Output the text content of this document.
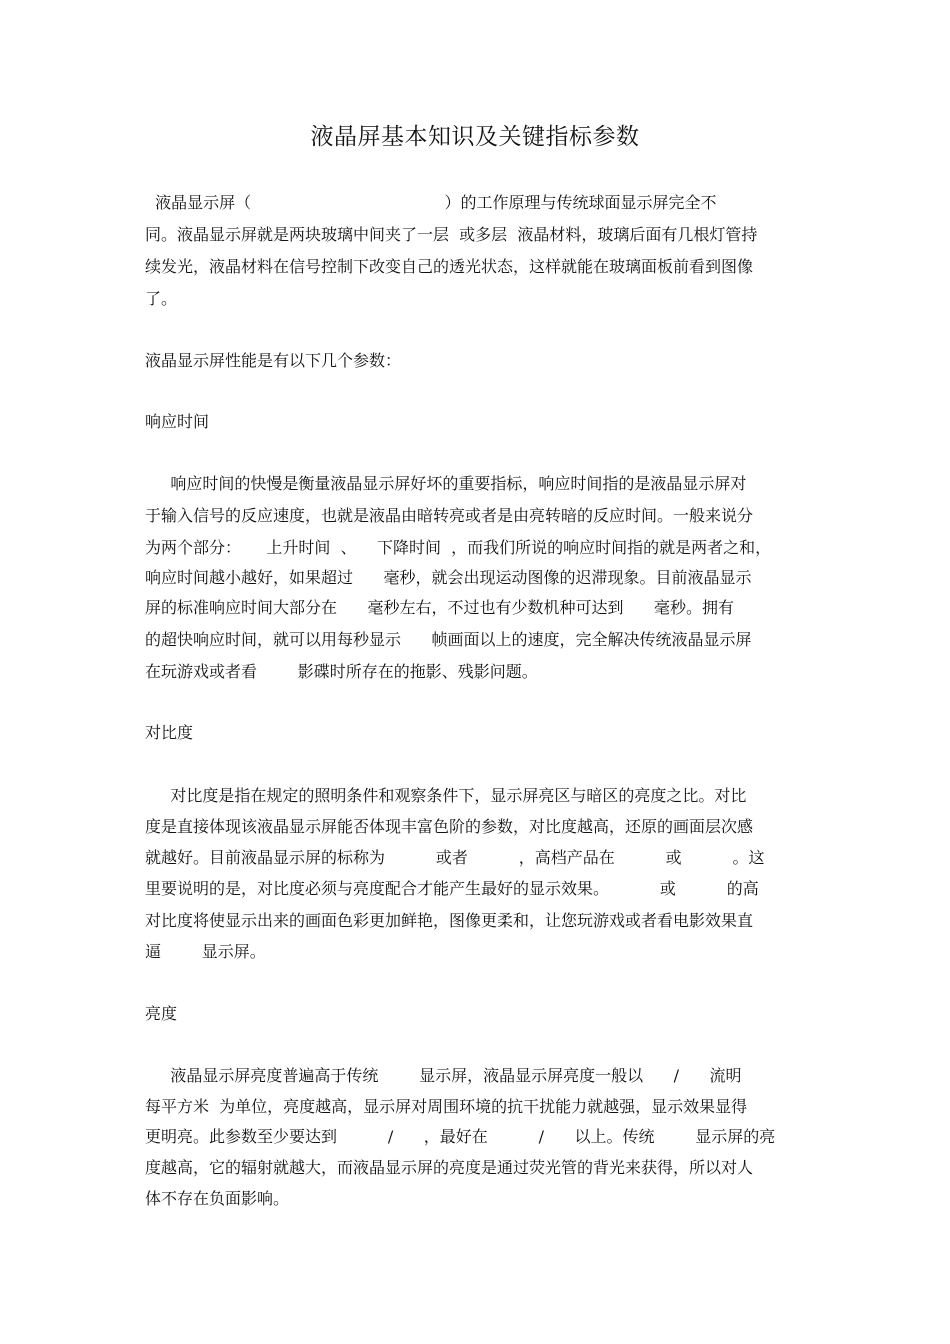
液晶屏基本知识及关键指标参数
液晶显示屏（                                      ）的工作原理与传统球面显示屏完全不
同。液晶显示屏就是两块玻璃中间夹了一层  或多层  液晶材料，玻璃后面有几根灯管持
续发光，液晶材料在信号控制下改变自己的透光状态，这样就能在玻璃面板前看到图像
了。
液晶显示屏性能是有以下几个参数：
响应时间
响应时间的快慢是衡量液晶显示屏好坏的重要指标，响应时间指的是液晶显示屏对
于输入信号的反应速度，也就是液晶由暗转亮或者是由亮转暗的反应时间。一般来说分
为两个部分：     上升时间  、    下降时间  ，而我们所说的响应时间指的就是两者之和，
响应时间越小越好，如果超过      毫秒，就会出现运动图像的迟滞现象。目前液晶显示
屏的标准响应时间大部分在      毫秒左右，不过也有少数机种可达到      毫秒。拥有
的超快响应时间，就可以用每秒显示      帧画面以上的速度，完全解决传统液晶显示屏
在玩游戏或者看        影碟时所存在的拖影、残影问题。
对比度
对比度是指在规定的照明条件和观察条件下，显示屏亮区与暗区的亮度之比。对比
度是直接体现该液晶显示屏能否体现丰富色阶的参数，对比度越高，还原的画面层次感
就越好。目前液晶显示屏的标称为          或者          ，高档产品在          或          。这
里要说明的是，对比度必须与亮度配合才能产生最好的显示效果。          或          的高
对比度将使显示出来的画面色彩更加鲜艳，图像更柔和，让您玩游戏或者看电影效果直
逼        显示屏。
亮度
液晶显示屏亮度普遍高于传统        显示屏，液晶显示屏亮度一般以      /      流明
每平方米  为单位，亮度越高，显示屏对周围环境的抗干扰能力就越强，显示效果显得
更明亮。此参数至少要达到          /      ，最好在          /      以上。传统        显示屏的亮
度越高，它的辐射就越大，而液晶显示屏的亮度是通过荧光管的背光来获得，所以对人
体不存在负面影响。
